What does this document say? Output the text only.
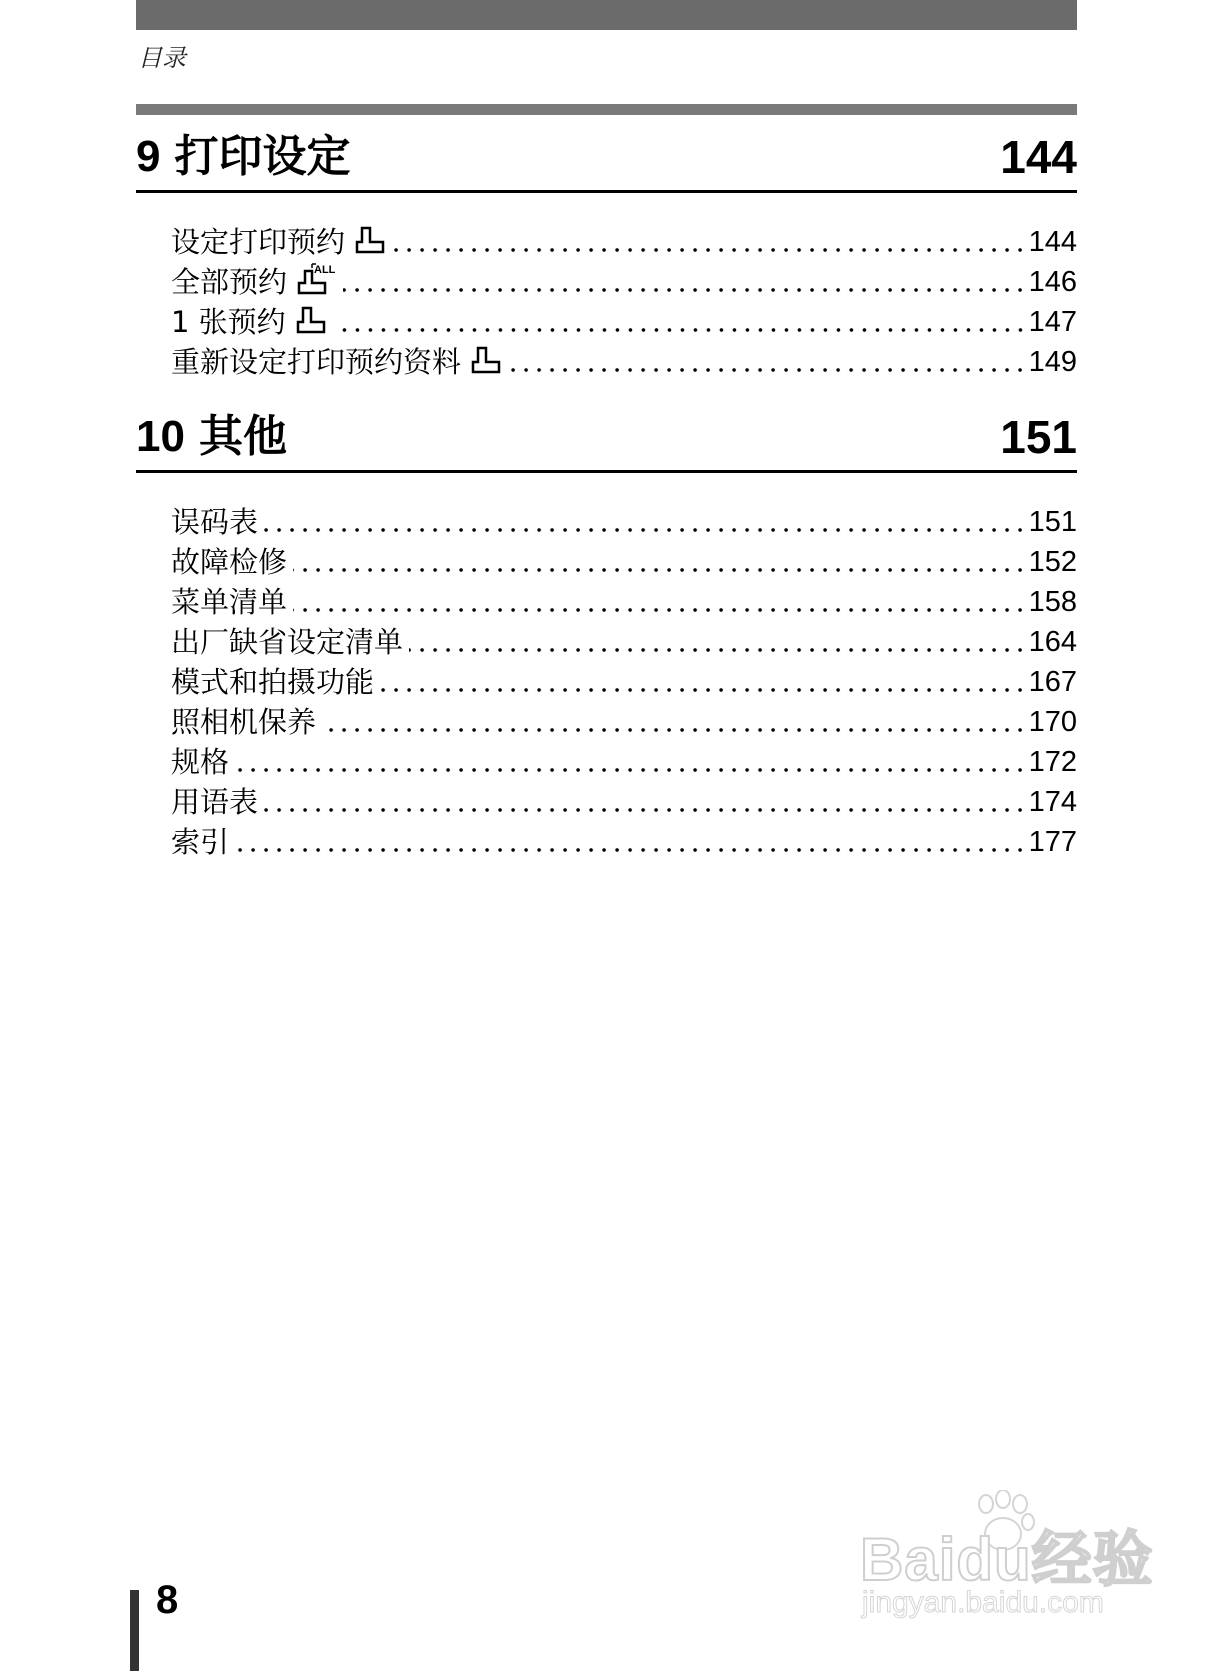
目录
9 打印设定	144
设定打印预约	144
全部预约	ALL	146
1 张预约	147
重新设定打印预约资料	149
10 其他	151
误码表	151
故障检修	152
菜单清单	158
出厂缺省设定清单	164
模式和拍摄功能	167
照相机保养	170
规格	172
用语表	174
索引	177
8
Baidu经验
jingyan.baidu.com
